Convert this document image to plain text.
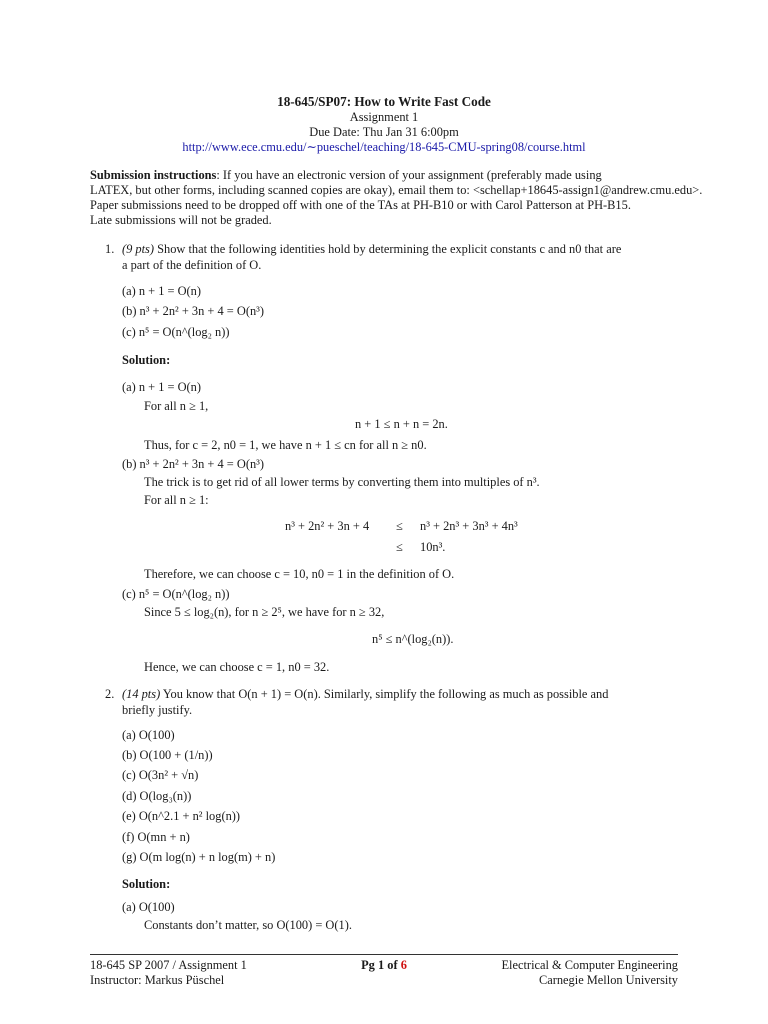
18-645/SP07: How to Write Fast Code
Assignment 1
Due Date: Thu Jan 31 6:00pm
http://www.ece.cmu.edu/∼pueschel/teaching/18-645-CMU-spring08/course.html
Submission instructions: If you have an electronic version of your assignment (preferably made using
LATEX, but other forms, including scanned copies are okay), email them to: <schellap+18645-assign1@andrew.cmu.edu>.
Paper submissions need to be dropped off with one of the TAs at PH-B10 or with Carol Patterson at PH-B15.
Late submissions will not be graded.
1. (9 pts) Show that the following identities hold by determining the explicit constants c and n0 that are
a part of the definition of O.
(a) n + 1 = O(n)
(b) n³ + 2n² + 3n + 4 = O(n³)
(c) n⁵ = O(n^(log₂ n))
Solution:
(a) n + 1 = O(n)
For all n ≥ 1,
n + 1 ≤ n + n = 2n.
Thus, for c = 2, n0 = 1, we have n + 1 ≤ cn for all n ≥ n0.
(b) n³ + 2n² + 3n + 4 = O(n³)
The trick is to get rid of all lower terms by converting them into multiples of n³.
For all n ≥ 1:
n³ + 2n² + 3n + 4 ≤ n³ + 2n³ + 3n³ + 4n³
≤ 10n³.
Therefore, we can choose c = 10, n0 = 1 in the definition of O.
(c) n⁵ = O(n^(log₂ n))
Since 5 ≤ log₂(n), for n ≥ 2⁵, we have for n ≥ 32,
n⁵ ≤ n^(log₂(n)).
Hence, we can choose c = 1, n0 = 32.
2. (14 pts) You know that O(n + 1) = O(n). Similarly, simplify the following as much as possible and
briefly justify.
(a) O(100)
(b) O(100 + (1/n))
(c) O(3n² + √n)
(d) O(log₃(n))
(e) O(n^2.1 + n² log(n))
(f) O(mn + n)
(g) O(m log(n) + n log(m) + n)
Solution:
(a) O(100)
Constants don’t matter, so O(100) = O(1).
18-645 SP 2007 / Assignment 1
Instructor: Markus Püschel
Pg 1 of 6	Electrical & Computer Engineering
Carnegie Mellon University
